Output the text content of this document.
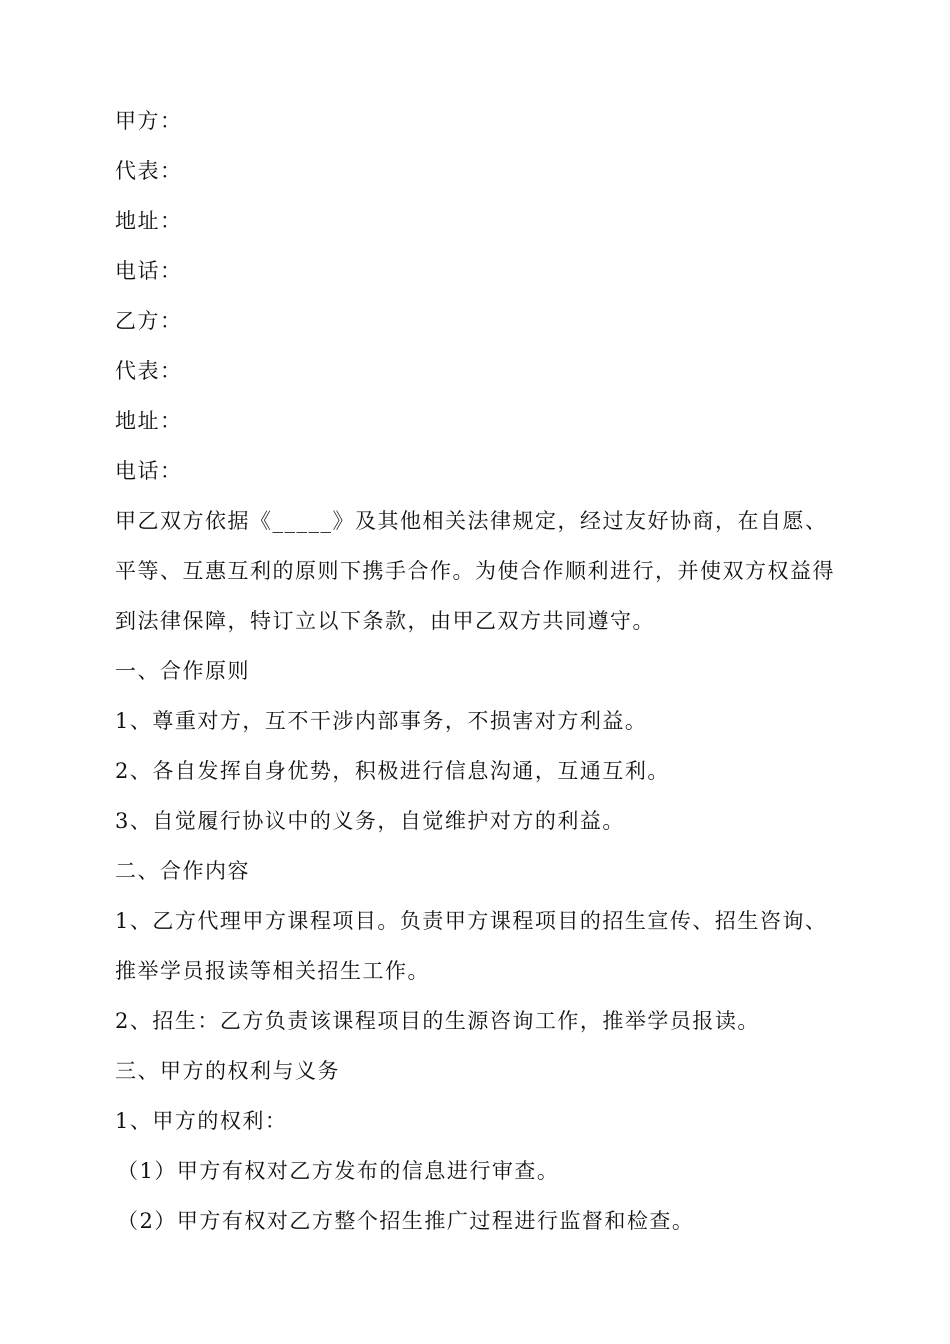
甲方：
代表：
地址：
电话：
乙方：
代表：
地址：
电话：
甲乙双方依据《_____》及其他相关法律规定，经过友好协商，在自愿、
平等、互惠互利的原则下携手合作。为使合作顺利进行，并使双方权益得
到法律保障，特订立以下条款，由甲乙双方共同遵守。
一、合作原则
1、尊重对方，互不干涉内部事务，不损害对方利益。
2、各自发挥自身优势，积极进行信息沟通，互通互利。
3、自觉履行协议中的义务，自觉维护对方的利益。
二、合作内容
1、乙方代理甲方课程项目。负责甲方课程项目的招生宣传、招生咨询、
推举学员报读等相关招生工作。
2、招生：乙方负责该课程项目的生源咨询工作，推举学员报读。
三、甲方的权利与义务
1、甲方的权利：
（1）甲方有权对乙方发布的信息进行审查。
（2）甲方有权对乙方整个招生推广过程进行监督和检查。
